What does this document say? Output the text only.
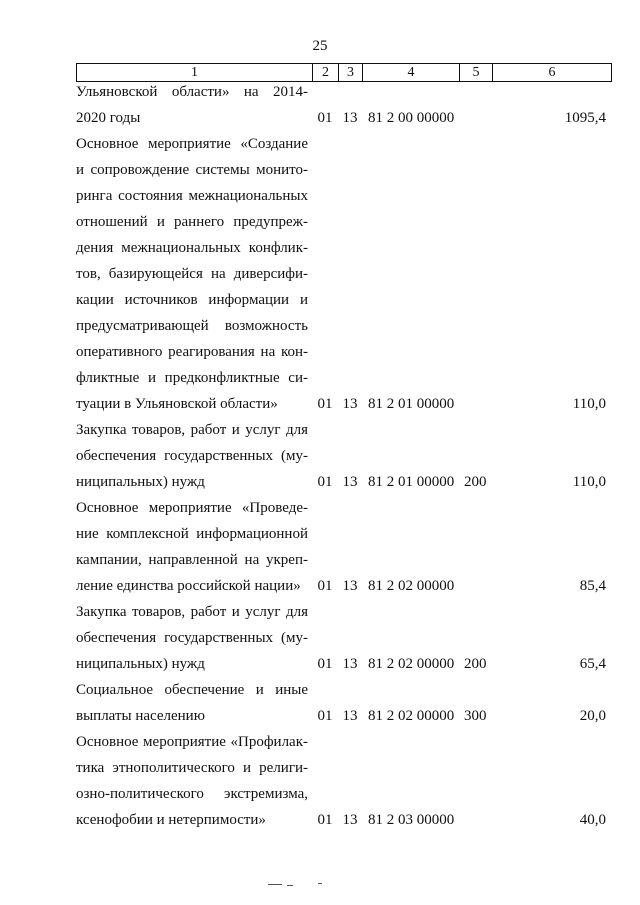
25
1	2	3	4	5	6
Ульяновской области» на 2014-
2020 годы	01 13 81 2 00 00000	1095,4
Основное мероприятие «Создание
и сопровождение системы монито-
ринга состояния межнациональных
отношений и раннего предупреж-
дения межнациональных конфлик-
тов, базирующейся на диверсифи-
кации источников информации и
предусматривающей возможность
оперативного реагирования на кон-
фликтные и предконфликтные си-
туации в Ульяновской области»	01 13 81 2 01 00000	110,0
Закупка товаров, работ и услуг для
обеспечения государственных (му-
ниципальных) нужд	01 13 81 2 01 00000 200	110,0
Основное мероприятие «Проведе-
ние комплексной информационной
кампании, направленной на укреп-
ление единства российской нации»	01 13 81 2 02 00000	85,4
Закупка товаров, работ и услуг для
обеспечения государственных (му-
ниципальных) нужд	01 13 81 2 02 00000 200	65,4
Социальное обеспечение и иные
выплаты населению	01 13 81 2 02 00000 300	20,0
Основное мероприятие «Профилак-
тика этнополитического и религи-
озно-политического экстремизма,
ксенофобии и нетерпимости»	01 13 81 2 03 00000	40,0
